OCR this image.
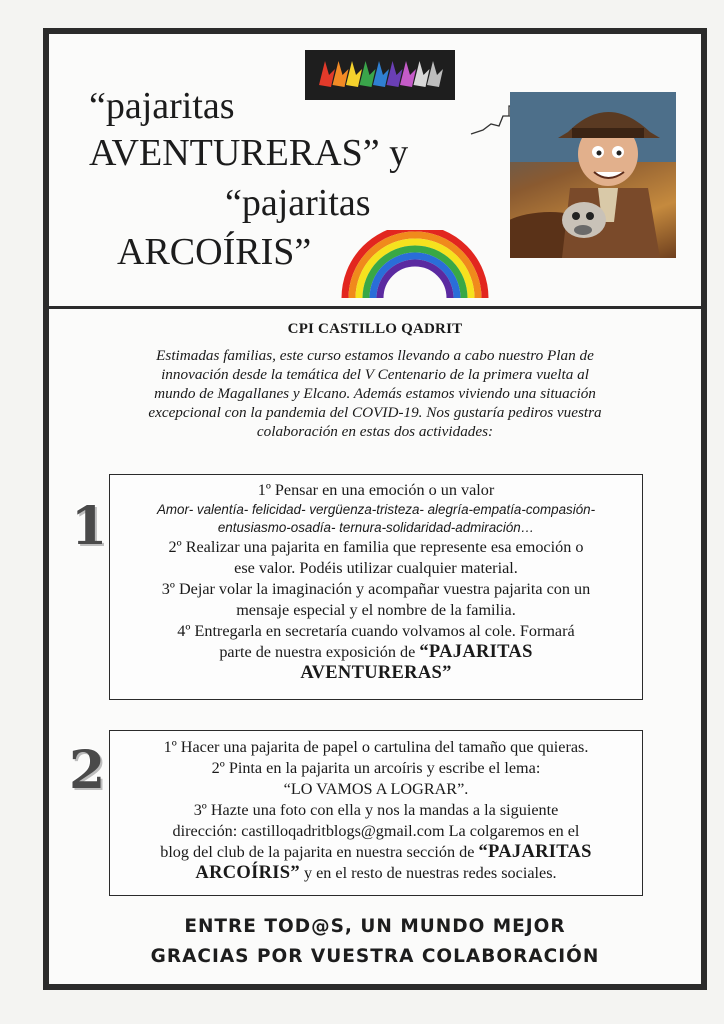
“pajaritas
AVENTURERAS” y
“pajaritas
ARCOÍRIS”
CPI CASTILLO QADRIT
Estimadas familias, este curso estamos llevando a cabo nuestro Plan de
innovación desde la temática del V Centenario de la primera vuelta al
mundo de Magallanes y Elcano. Además estamos viviendo una situación
excepcional con la pandemia del COVID-19. Nos gustaría pediros vuestra
colaboración en estas dos actividades:
1
1º Pensar en una emoción o un valor
Amor- valentía- felicidad- vergüenza-tristeza- alegría-empatía-compasión-
entusiasmo-osadía- ternura-solidaridad-admiración…
2º Realizar una pajarita en familia que represente esa emoción o
ese valor. Podéis utilizar cualquier material.
3º Dejar volar la imaginación y acompañar vuestra pajarita con un
mensaje especial y el nombre de la familia.
4º Entregarla en secretaría cuando volvamos al cole. Formará
parte de nuestra exposición de “PAJARITAS
AVENTURERAS”
2	1º Hacer una pajarita de papel o cartulina del tamaño que quieras.
2º Pinta en la pajarita un arcoíris y escribe el lema:
“LO VAMOS A LOGRAR”.
3º Hazte una foto con ella y nos la mandas a la siguiente
dirección: castilloqadritblogs@gmail.com La colgaremos en el
blog del club de la pajarita en nuestra sección de “PAJARITAS
ARCOÍRIS” y en el resto de nuestras redes sociales.
ENTRE TOD@S, UN MUNDO MEJOR
GRACIAS POR VUESTRA COLABORACIÓN
